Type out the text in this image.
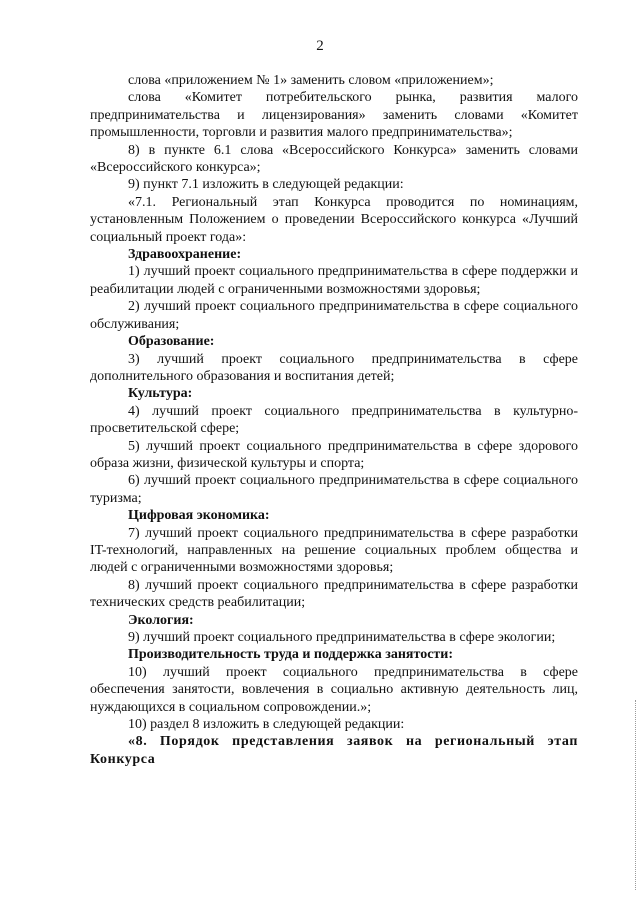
2

слова «приложением № 1» заменить словом «приложением»;

слова «Комитет потребительского рынка, развития малого предпринимательства и лицензирования» заменить словами «Комитет промышленности, торговли и развития малого предпринимательства»;

8) в пункте 6.1 слова «Всероссийского Конкурса» заменить словами «Всероссийского конкурса»;

9) пункт 7.1 изложить в следующей редакции:

«7.1. Региональный этап Конкурса проводится по номинациям, установленным Положением о проведении Всероссийского конкурса «Лучший социальный проект года»:

Здравоохранение:

1) лучший проект социального предпринимательства в сфере поддержки и реабилитации людей с ограниченными возможностями здоровья;

2) лучший проект социального предпринимательства в сфере социального обслуживания;

Образование:

3) лучший проект социального предпринимательства в сфере дополнительного образования и воспитания детей;

Культура:

4) лучший проект социального предпринимательства в культурно-просветительской сфере;

5) лучший проект социального предпринимательства в сфере здорового образа жизни, физической культуры и спорта;

6) лучший проект социального предпринимательства в сфере социального туризма;

Цифровая экономика:

7) лучший проект социального предпринимательства в сфере разработки IT-технологий, направленных на решение социальных проблем общества и людей с ограниченными возможностями здоровья;

8) лучший проект социального предпринимательства в сфере разработки технических средств реабилитации;

Экология:

9) лучший проект социального предпринимательства в сфере экологии;

Производительность труда и поддержка занятости:

10) лучший проект социального предпринимательства в сфере обеспечения занятости, вовлечения в социально активную деятельность лиц, нуждающихся в социальном сопровождении.»;

10) раздел 8 изложить в следующей редакции:

«8. Порядок представления заявок на региональный этап Конкурса
